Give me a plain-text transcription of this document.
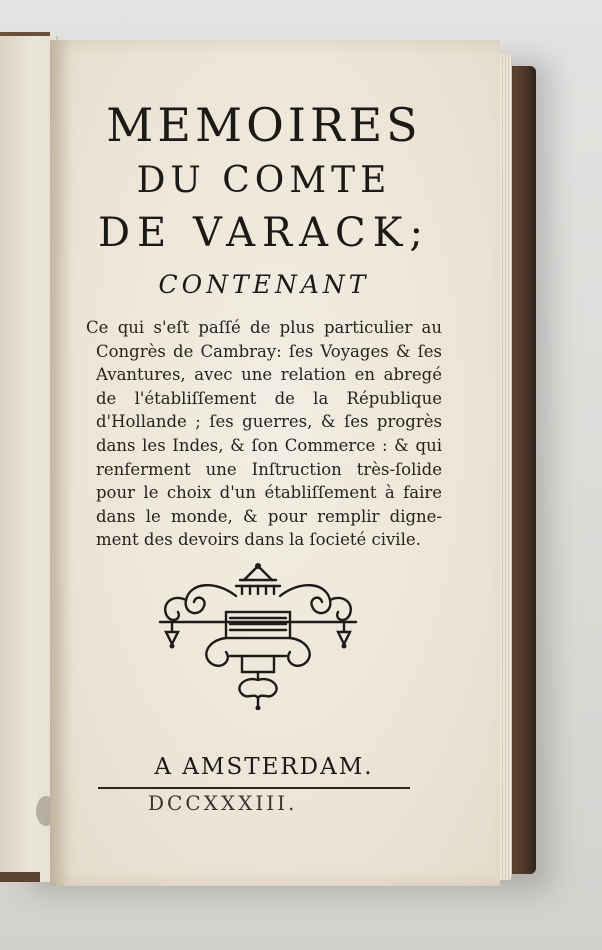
MEMOIRES
DU COMTE
DE VARACK;
CONTENANT
Ce qui s'eſt paſſé de plus particulier au
Congrès de Cambray: ſes Voyages & ſes
Avantures, avec une relation en abregé
de l'établiſſement de la République
d'Hollande ; ſes guerres, & ſes progrès
dans les Indes, & ſon Commerce : & qui
renferment une Inſtruction très-ſolide
pour le choix d'un établiſſement à faire
dans le monde, & pour remplir digne-
ment des devoirs dans la ſocieté civile.
A AMSTERDAM.
DCCXXXIII.
